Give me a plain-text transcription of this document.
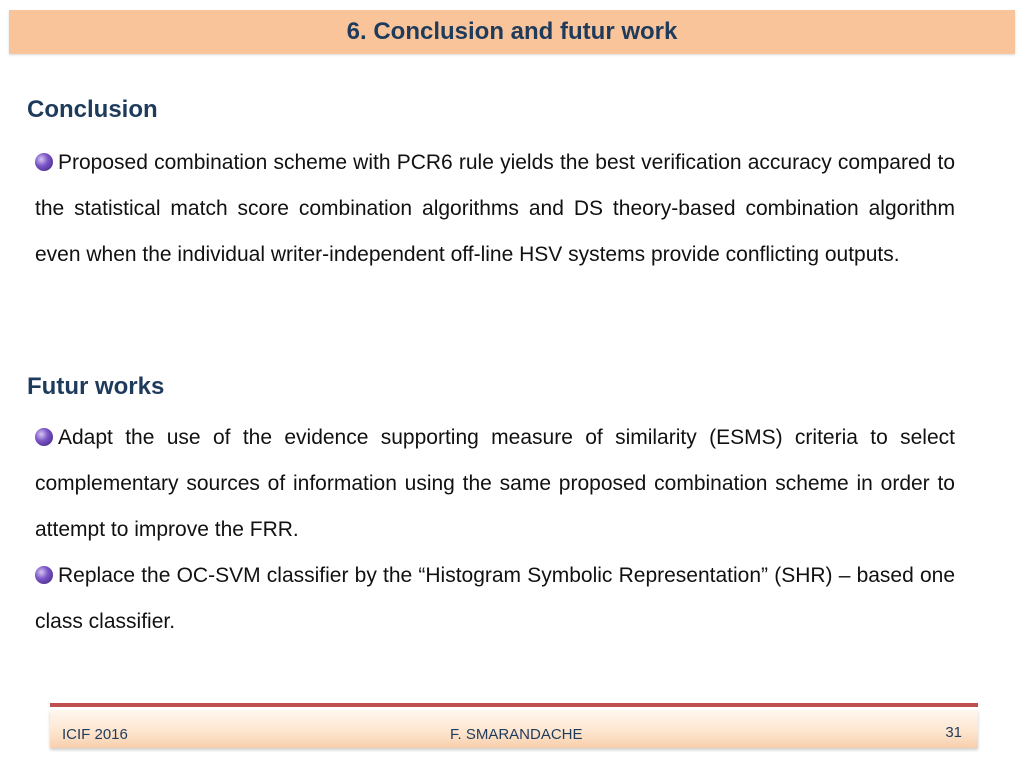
6. Conclusion and futur work
Conclusion
Proposed combination scheme with PCR6 rule yields the best verification accuracy compared to the statistical match score combination algorithms and DS theory-based combination algorithm even when the individual writer-independent off-line HSV systems provide conflicting outputs.
Futur works
Adapt the use of the evidence supporting measure of similarity (ESMS) criteria to select complementary sources of information using the same proposed combination scheme in order to attempt to improve the FRR.
Replace the OC-SVM classifier by the “Histogram Symbolic Representation” (SHR) – based one class classifier.
ICIF 2016	F. SMARANDACHE	31
